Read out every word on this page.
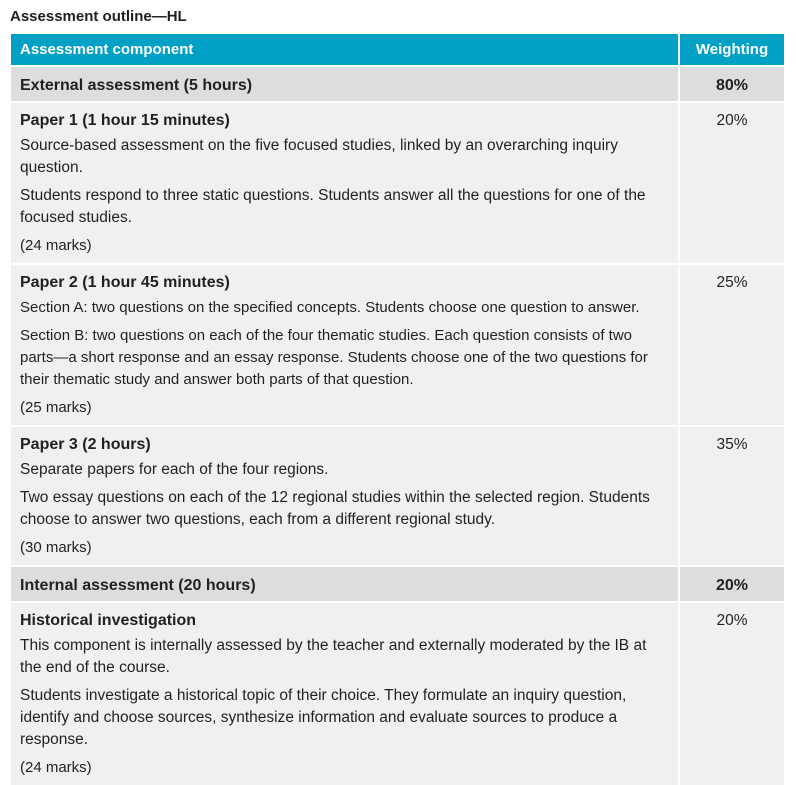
Assessment outline—HL
Assessment component	Weighting
External assessment (5 hours)	80%

Paper 1 (1 hour 15 minutes)

Source-based assessment on the five focused studies, linked by an overarching inquiry question.

Students respond to three static questions. Students answer all the questions for one of the focused studies.

(24 marks)	20%

Paper 2 (1 hour 45 minutes)

Section A: two questions on the specified concepts. Students choose one question to answer.

Section B: two questions on each of the four thematic studies. Each question consists of two parts—a short response and an essay response. Students choose one of the two questions for their thematic study and answer both parts of that question.

(25 marks)	25%

Paper 3 (2 hours)

Separate papers for each of the four regions.

Two essay questions on each of the 12 regional studies within the selected region. Students choose to answer two questions, each from a different regional study.

(30 marks)	35%
Internal assessment (20 hours)	20%

Historical investigation

This component is internally assessed by the teacher and externally moderated by the IB at the end of the course.

Students investigate a historical topic of their choice. They formulate an inquiry question, identify and choose sources, synthesize information and evaluate sources to produce a response.

(24 marks)	20%
